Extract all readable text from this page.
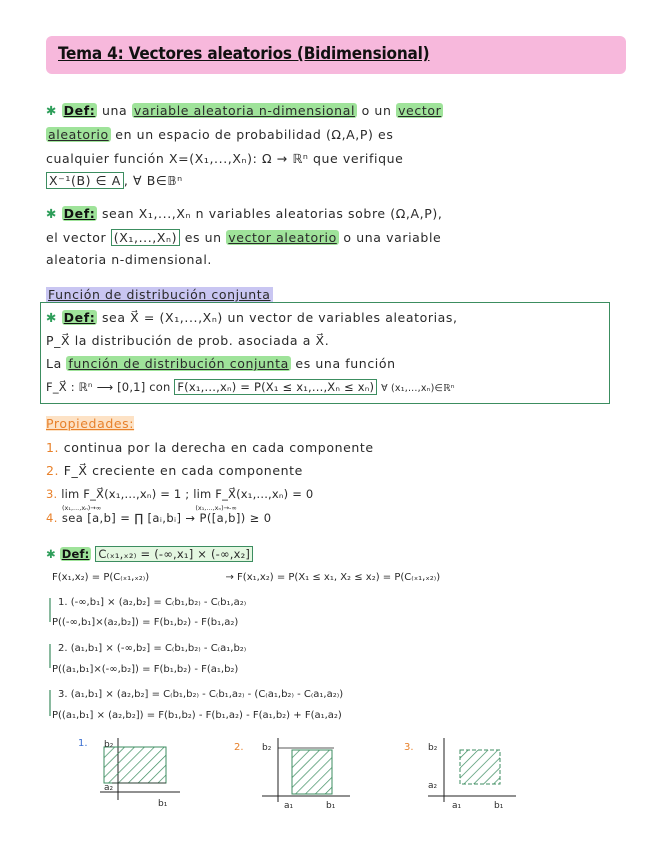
Tema 4: Vectores aleatorios (Bidimensional)
✱ Def: una variable aleatoria n-dimensional o un vector
aleatorio en un espacio de probabilidad (Ω,A,P) es
cualquier función X=(X₁,...,Xₙ): Ω → ℝⁿ que verifique
X⁻¹(B) ∈ A , ∀ B∈𝔹ⁿ
✱ Def: sean X₁,...,Xₙ n variables aleatorias sobre (Ω,A,P),
el vector (X₁,...,Xₙ) es un vector aleatorio o una variable
aleatoria n-dimensional.
Función de distribución conjunta
✱ Def: sea X⃗ = (X₁,...,Xₙ) un vector de variables aleatorias,
P_X⃗ la distribución de prob. asociada a X⃗.
La función de distribución conjunta es una función
F_X⃗ : ℝⁿ ⟶ [0,1] con F(x₁,...,xₙ) = P(X₁ ≤ x₁,...,Xₙ ≤ xₙ) ∀ (x₁,...,xₙ)∈ℝⁿ
Propiedades:
1. continua por la derecha en cada componente
2. F_X⃗ creciente en cada componente
3. lim F_X⃗(x₁,...,xₙ) = 1 ; lim F_X⃗(x₁,...,xₙ) = 0
(x₁,...,xₙ)→∞	(x₁,...,xₙ)→-∞
4. sea [a,b] = ∏ [aᵢ,bᵢ] → P([a,b]) ≥ 0
✱ Def: C₍ₓ₁,ₓ₂₎ = (-∞,x₁] × (-∞,x₂]
F(x₁,x₂) = P(C₍ₓ₁,ₓ₂₎)	→ F(x₁,x₂) = P(X₁ ≤ x₁, X₂ ≤ x₂) = P(C₍ₓ₁,ₓ₂₎)
1. (-∞,b₁] × (a₂,b₂] = C₍b₁,b₂₎ - C₍b₁,a₂₎
P((-∞,b₁]×(a₂,b₂]) = F(b₁,b₂) - F(b₁,a₂)
2. (a₁,b₁] × (-∞,b₂] = C₍b₁,b₂₎ - C₍a₁,b₂₎
P((a₁,b₁]×(-∞,b₂]) = F(b₁,b₂) - F(a₁,b₂)
3. (a₁,b₁] × (a₂,b₂] = C₍b₁,b₂₎ - C₍b₁,a₂₎ - (C₍a₁,b₂₎ - C₍a₁,a₂₎)
P((a₁,b₁] × (a₂,b₂]) = F(b₁,b₂) - F(b₁,a₂) - F(a₁,b₂) + F(a₁,a₂)
1. b₂
a₂
b₁
2. b₂
a₁	b₁
3. b₂
a₂
a₁	b₁
